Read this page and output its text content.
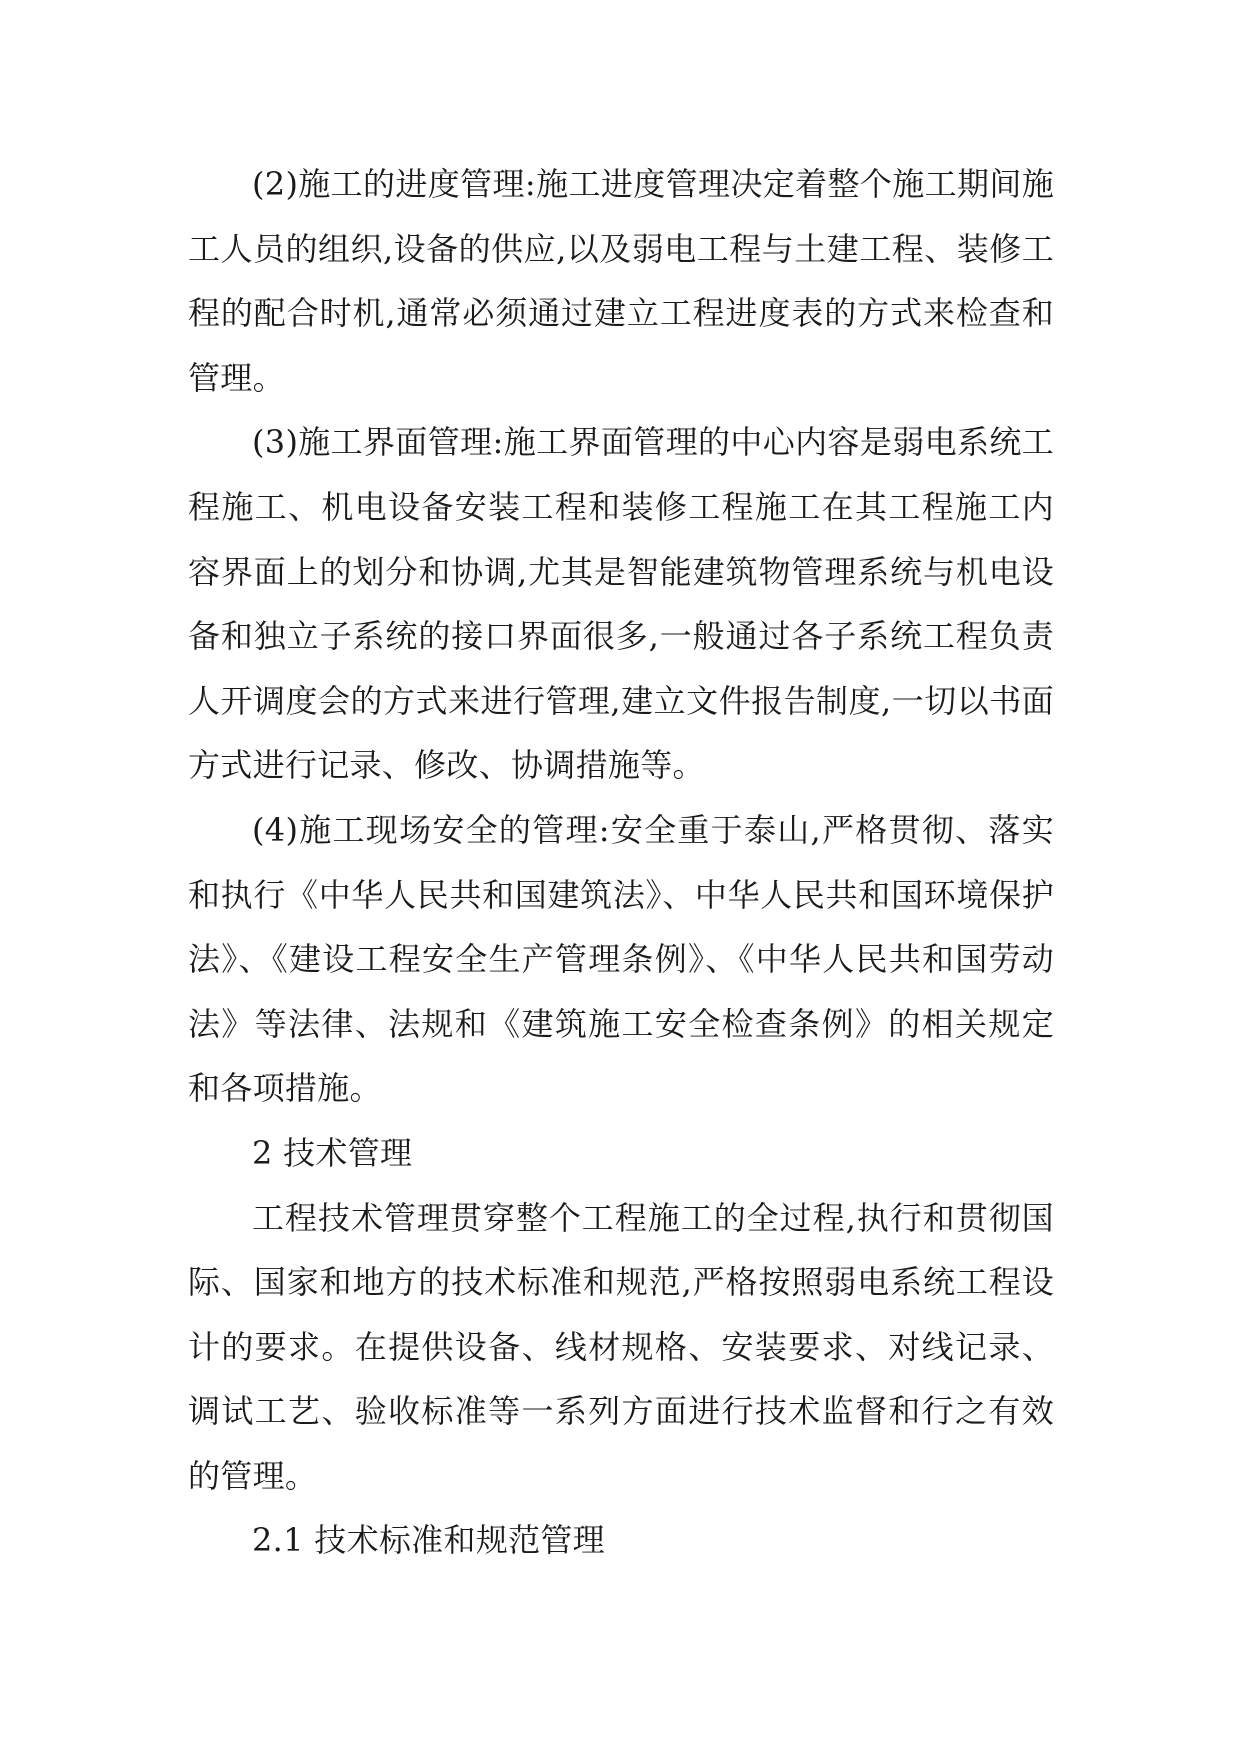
(2)施工的进度管理:施工进度管理决定着整个施工期间施工人员的组织,设备的供应,以及弱电工程与土建工程、装修工程的配合时机,通常必须通过建立工程进度表的方式来检查和管理。

(3)施工界面管理:施工界面管理的中心内容是弱电系统工程施工、机电设备安装工程和装修工程施工在其工程施工内容界面上的划分和协调,尤其是智能建筑物管理系统与机电设备和独立子系统的接口界面很多,一般通过各子系统工程负责人开调度会的方式来进行管理,建立文件报告制度,一切以书面方式进行记录、修改、协调措施等。

(4)施工现场安全的管理:安全重于泰山,严格贯彻、落实和执行《中华人民共和国建筑法》、中华人民共和国环境保护法》、《建设工程安全生产管理条例》、《中华人民共和国劳动法》等法律、法规和《建筑施工安全检查条例》的相关规定和各项措施。

2 技术管理

工程技术管理贯穿整个工程施工的全过程,执行和贯彻国际、国家和地方的技术标准和规范,严格按照弱电系统工程设计的要求。在提供设备、线材规格、安装要求、对线记录、调试工艺、验收标准等一系列方面进行技术监督和行之有效的管理。

2.1 技术标准和规范管理
